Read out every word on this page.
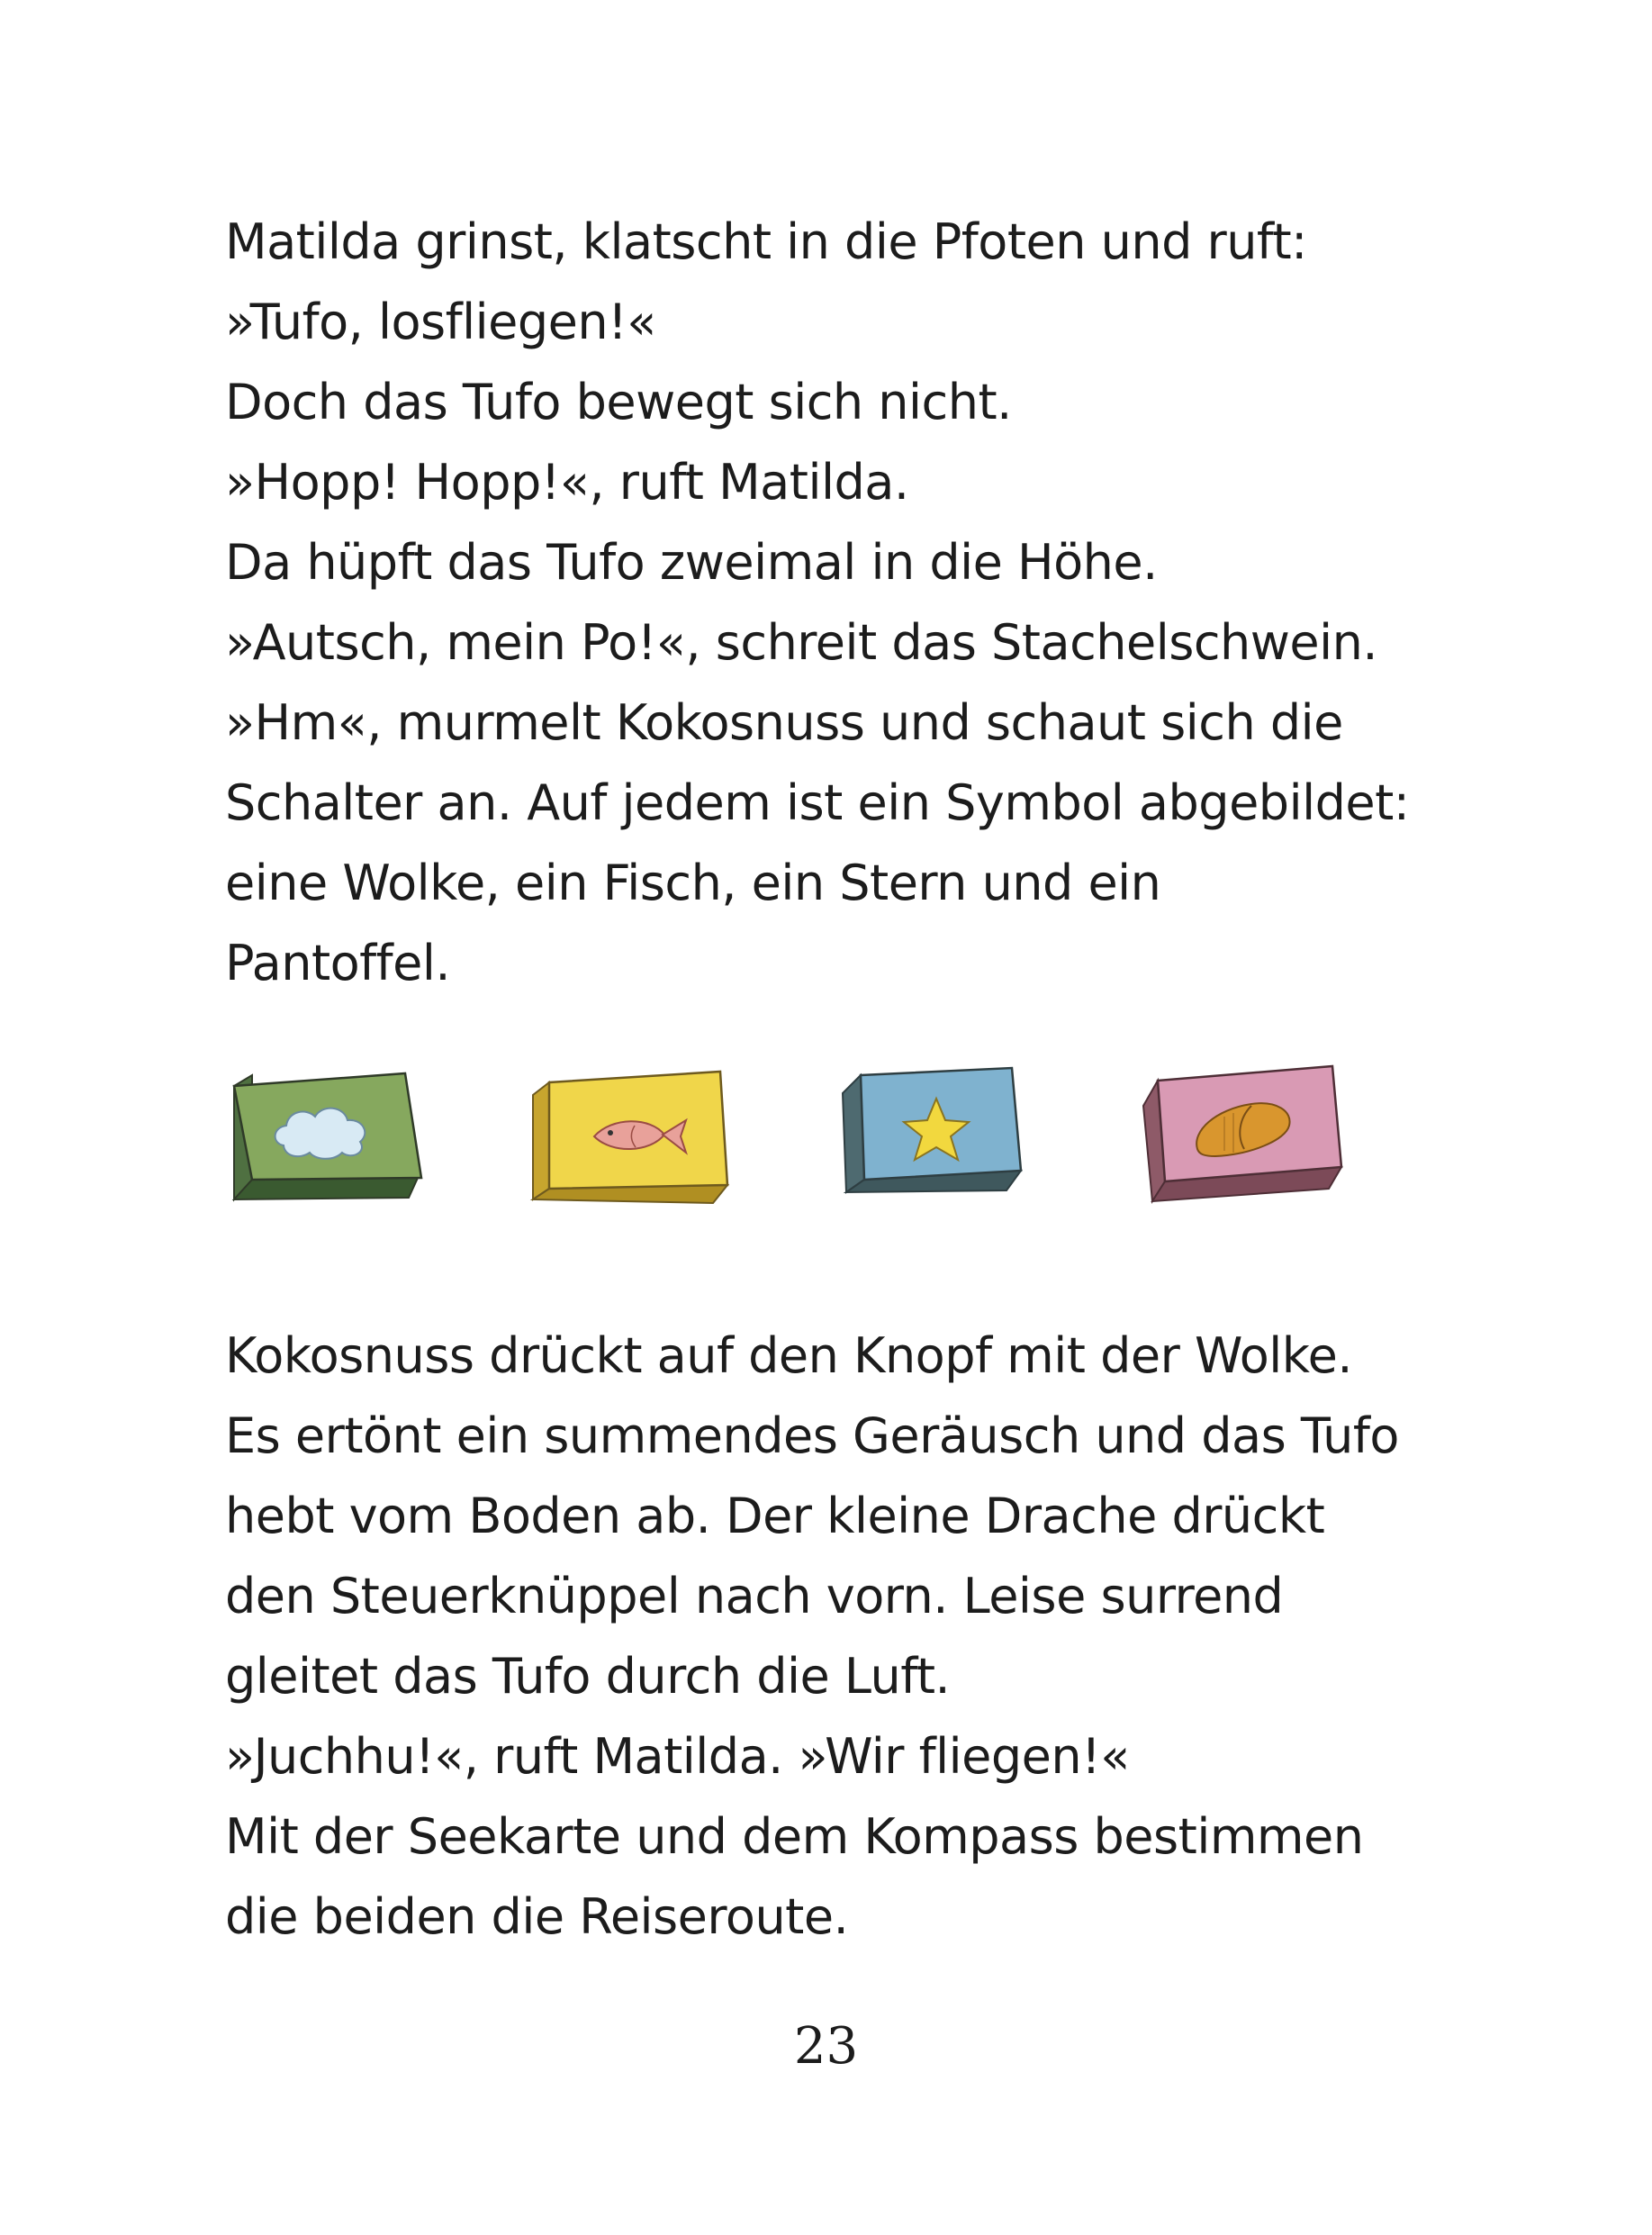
Matilda grinst, klatscht in die Pfoten und ruft:
»Tufo, losfliegen!«
Doch das Tufo bewegt sich nicht.
»Hopp! Hopp!«, ruft Matilda.
Da hüpft das Tufo zweimal in die Höhe.
»Autsch, mein Po!«, schreit das Stachelschwein.
»Hm«, murmelt Kokosnuss und schaut sich die
Schalter an. Auf jedem ist ein Symbol abgebildet:
eine Wolke, ein Fisch, ein Stern und ein
Pantoffel.
Kokosnuss drückt auf den Knopf mit der Wolke.
Es ertönt ein summendes Geräusch und das Tufo
hebt vom Boden ab. Der kleine Drache drückt
den Steuerknüppel nach vorn. Leise surrend
gleitet das Tufo durch die Luft.
»Juchhu!«, ruft Matilda. »Wir fliegen!«
Mit der Seekarte und dem Kompass bestimmen
die beiden die Reiseroute.
23
